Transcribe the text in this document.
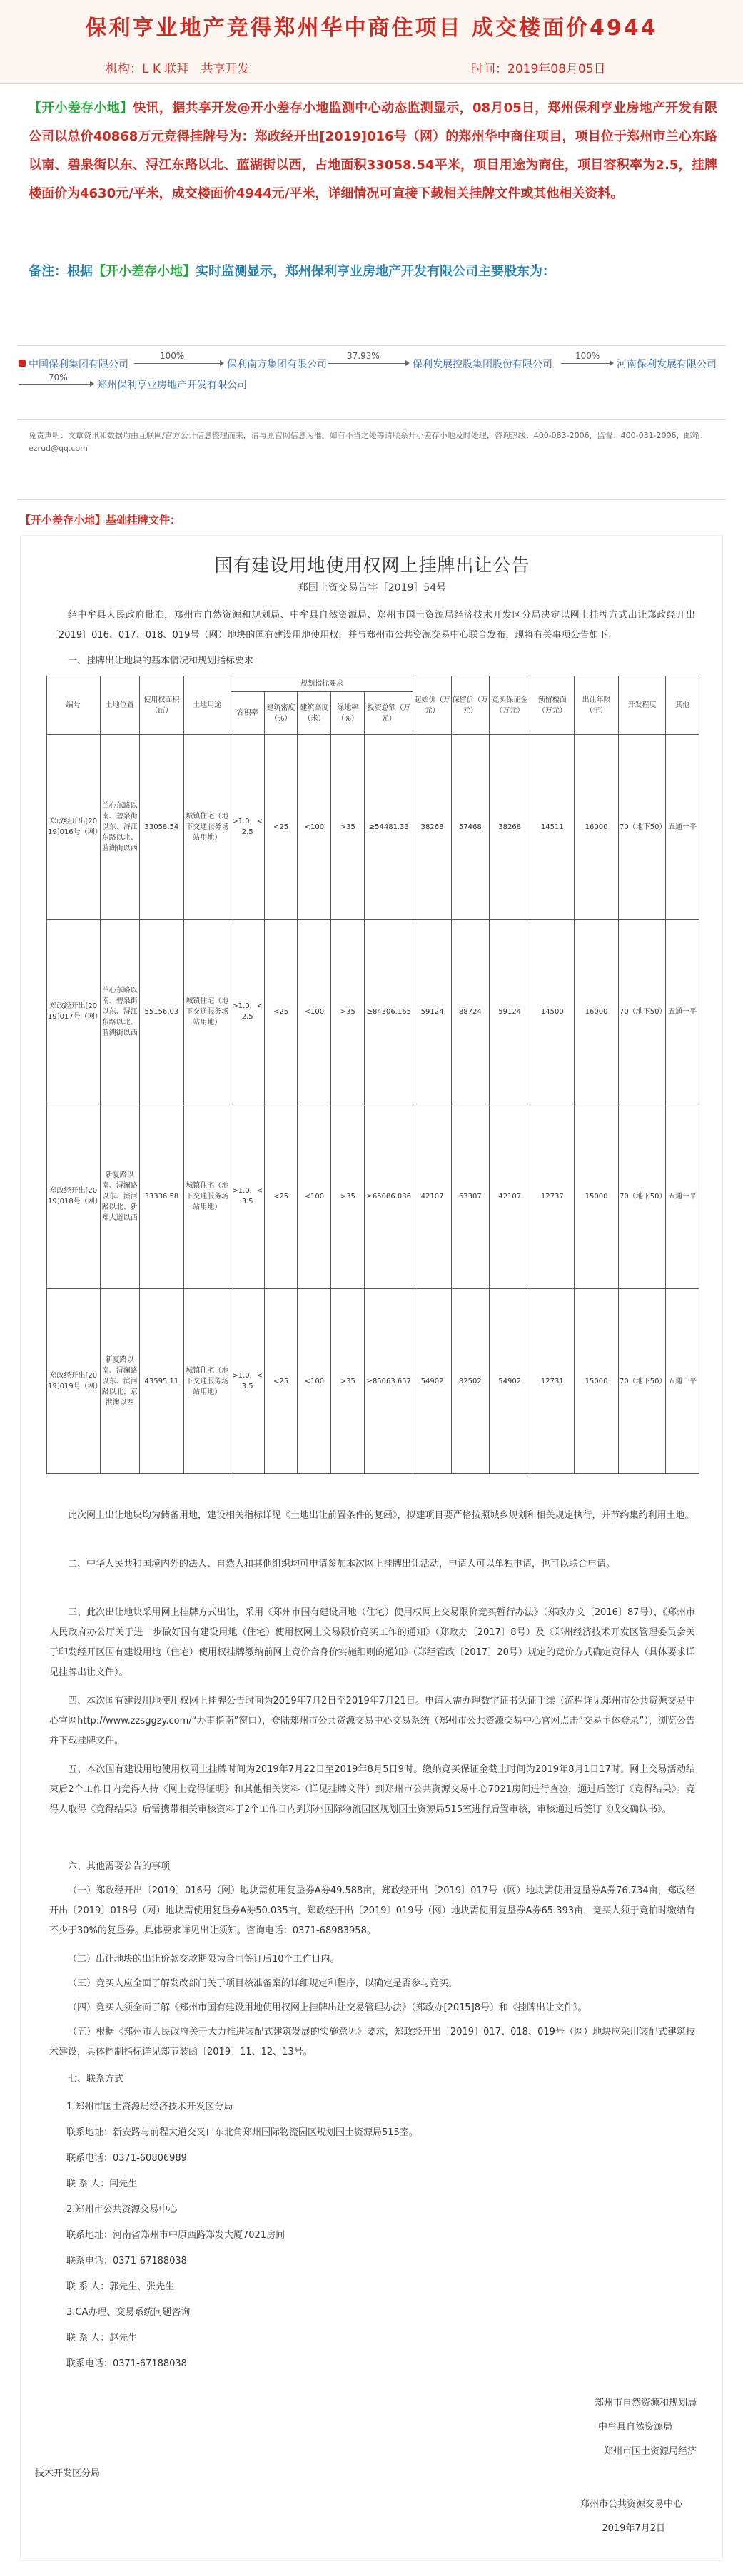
保利亨业地产竞得郑州华中商住项目 成交楼面价4944
机构：L K 联拜　共享开发	时间：2019年08月05日
【开小差存小地】快讯，据共享开发@开小差存小地监测中心动态监测显示，08月05日，郑州保利亨业房地产开发有限公司以总价40868万元竞得挂牌号为：郑政经开出[2019]016号（网）的郑州华中商住项目，项目位于郑州市兰心东路以南、碧泉街以东、浔江东路以北、蓝湖街以西，占地面积33058.54平米，项目用途为商住，项目容积率为2.5，挂牌楼面价为4630元/平米，成交楼面价4944元/平米，详细情况可直接下载相关挂牌文件或其他相关资料。
备注：根据【开小差存小地】实时监测显示，郑州保利亨业房地产开发有限公司主要股东为：
中国保利集团有限公司
100%
保利南方集团有限公司
37.93%
保利发展控股集团股份有限公司
100%
河南保利发展有限公司
70%
郑州保利亨业房地产开发有限公司
免责声明：文章资讯和数据均由互联网/官方公开信息整理而来，请与原官网信息为准。如有不当之处等请联系开小差存小地及时处理，咨询热线：400-083-2006，监督：400-031-2006，邮箱：ezrud@qq.com
【开小差存小地】基础挂牌文件：
国有建设用地使用权网上挂牌出让公告
郑国土资交易告字［2019］54号
经中牟县人民政府批准，郑州市自然资源和规划局、中牟县自然资源局、郑州市国土资源局经济技术开发区分局决定以网上挂牌方式出让郑政经开出〔2019〕016、017、018、019号（网）地块的国有建设用地使用权，并与郑州市公共资源交易中心联合发布，现将有关事项公告如下：
一、挂牌出让地块的基本情况和规划指标要求
编号	土地位置	使用权面积（㎡）	土地用途	规划指标要求					起始价（万元）	保留价（万元）	竞买保证金（万元）	预留楼面（万元）	出让年限（年）	开发程度	其他
				容积率	建筑密度（%）	建筑高度（米）	绿地率（%）	投资总额（万元）							
郑政经开出[2019]016号（网）	兰心东路以南、碧泉街以东、浔江东路以北、蓝湖街以西	33058.54	城镇住宅（地下交通服务场站用地）	>1.0，<2.5	<25	<100	>35	≥54481.33	38268	57468	38268	14511	16000	70（地下50）	五通一平
郑政经开出[2019]017号（网）	兰心东路以南、碧泉街以东、浔江东路以北、蓝湖街以西	55156.03	城镇住宅（地下交通服务场站用地）	>1.0，<2.5	<25	<100	>35	≥84306.165	59124	88724	59124	14500	16000	70（地下50）	五通一平
郑政经开出[2019]018号（网）	新夏路以南、浔澜路以东、滨河路以北、新郑大道以西	33336.58	城镇住宅（地下交通服务场站用地）	>1.0，<3.5	<25	<100	>35	≥65086.036	42107	63307	42107	12737	15000	70（地下50）	五通一平
郑政经开出[2019]019号（网）	新夏路以南、浔澜路以东、滨河路以北、京港澳以西	43595.11	城镇住宅（地下交通服务场站用地）	>1.0，<3.5	<25	<100	>35	≥85063.657	54902	82502	54902	12731	15000	70（地下50）	五通一平
此次网上出让地块均为储备用地，建设相关指标详见《土地出让前置条件的复函》，拟建项目要严格按照城乡规划和相关规定执行，并节约集约利用土地。
二、中华人民共和国境内外的法人、自然人和其他组织均可申请参加本次网上挂牌出让活动，申请人可以单独申请，也可以联合申请。
三、此次出让地块采用网上挂牌方式出让，采用《郑州市国有建设用地（住宅）使用权网上交易限价竞买暂行办法》（郑政办文〔2016〕87号）、《郑州市人民政府办公厅关于进一步做好国有建设用地（住宅）使用权网上交易限价竞买工作的通知》（郑政办〔2017〕8号）及《郑州经济技术开发区管理委员会关于印发经开区国有建设用地（住宅）使用权挂牌缴纳前网上竞价合身价实施细则的通知》（郑经管政〔2017〕20号）规定的竞价方式确定竞得人（具体要求详见挂牌出让文件）。
四、本次国有建设用地使用权网上挂牌公告时间为2019年7月2日至2019年7月21日。申请人需办理数字证书认证手续（流程详见郑州市公共资源交易中心官网http://www.zzsggzy.com/“办事指南”窗口），登陆郑州市公共资源交易中心交易系统（郑州市公共资源交易中心官网点击“交易主体登录”），浏览公告并下载挂牌文件。
五、本次国有建设用地使用权网上挂牌时间为2019年7月22日至2019年8月5日9时。缴纳竞买保证金截止时间为2019年8月1日17时。网上交易活动结束后2个工作日内竞得人持《网上竞得证明》和其他相关资料（详见挂牌文件）到郑州市公共资源交易中心7021房间进行查验，通过后签订《竞得结果》。竞得人取得《竞得结果》后需携带相关审核资料于2个工作日内到郑州国际物流园区规划国土资源局515室进行后置审核，审核通过后签订《成交确认书》。
六、其他需要公告的事项
（一）郑政经开出〔2019〕016号（网）地块需使用复垦券A券49.588亩，郑政经开出〔2019〕017号（网）地块需使用复垦券A券76.734亩，郑政经开出〔2019〕018号（网）地块需使用复垦券A券50.035亩，郑政经开出〔2019〕019号（网）地块需使用复垦券A券65.393亩，竞买人须于竞拍时缴纳有不少于30%的复垦券。具体要求详见出让须知。咨询电话：0371-68983958。
（二）出让地块的出让价款交款期限为合同签订后10个工作日内。
（三）竞买人应全面了解发改部门关于项目核准备案的详细规定和程序，以确定是否参与竞买。
（四）竞买人须全面了解《郑州市国有建设用地使用权网上挂牌出让交易管理办法》（郑政办[2015]8号）和《挂牌出让文件》。
（五）根据《郑州市人民政府关于大力推进装配式建筑发展的实施意见》要求，郑政经开出〔2019〕017、018、019号（网）地块应采用装配式建筑技术建设，具体控制指标详见郑节装函〔2019〕11、12、13号。
七、联系方式
1.郑州市国土资源局经济技术开发区分局
联系地址：新安路与前程大道交叉口东北角郑州国际物流园区规划国土资源局515室。
联系电话：0371-60806989
联 系 人：闫先生
2.郑州市公共资源交易中心
联系地址：河南省郑州市中原西路郑发大厦7021房间
联系电话：0371-67188038
联 系 人：郭先生、张先生
3.CA办理、交易系统问题咨询
联 系 人：赵先生
联系电话：0371-67188038
郑州市自然资源和规划局
中牟县自然资源局
郑州市国土资源局经济
技术开发区分局
郑州市公共资源交易中心
2019年7月2日
